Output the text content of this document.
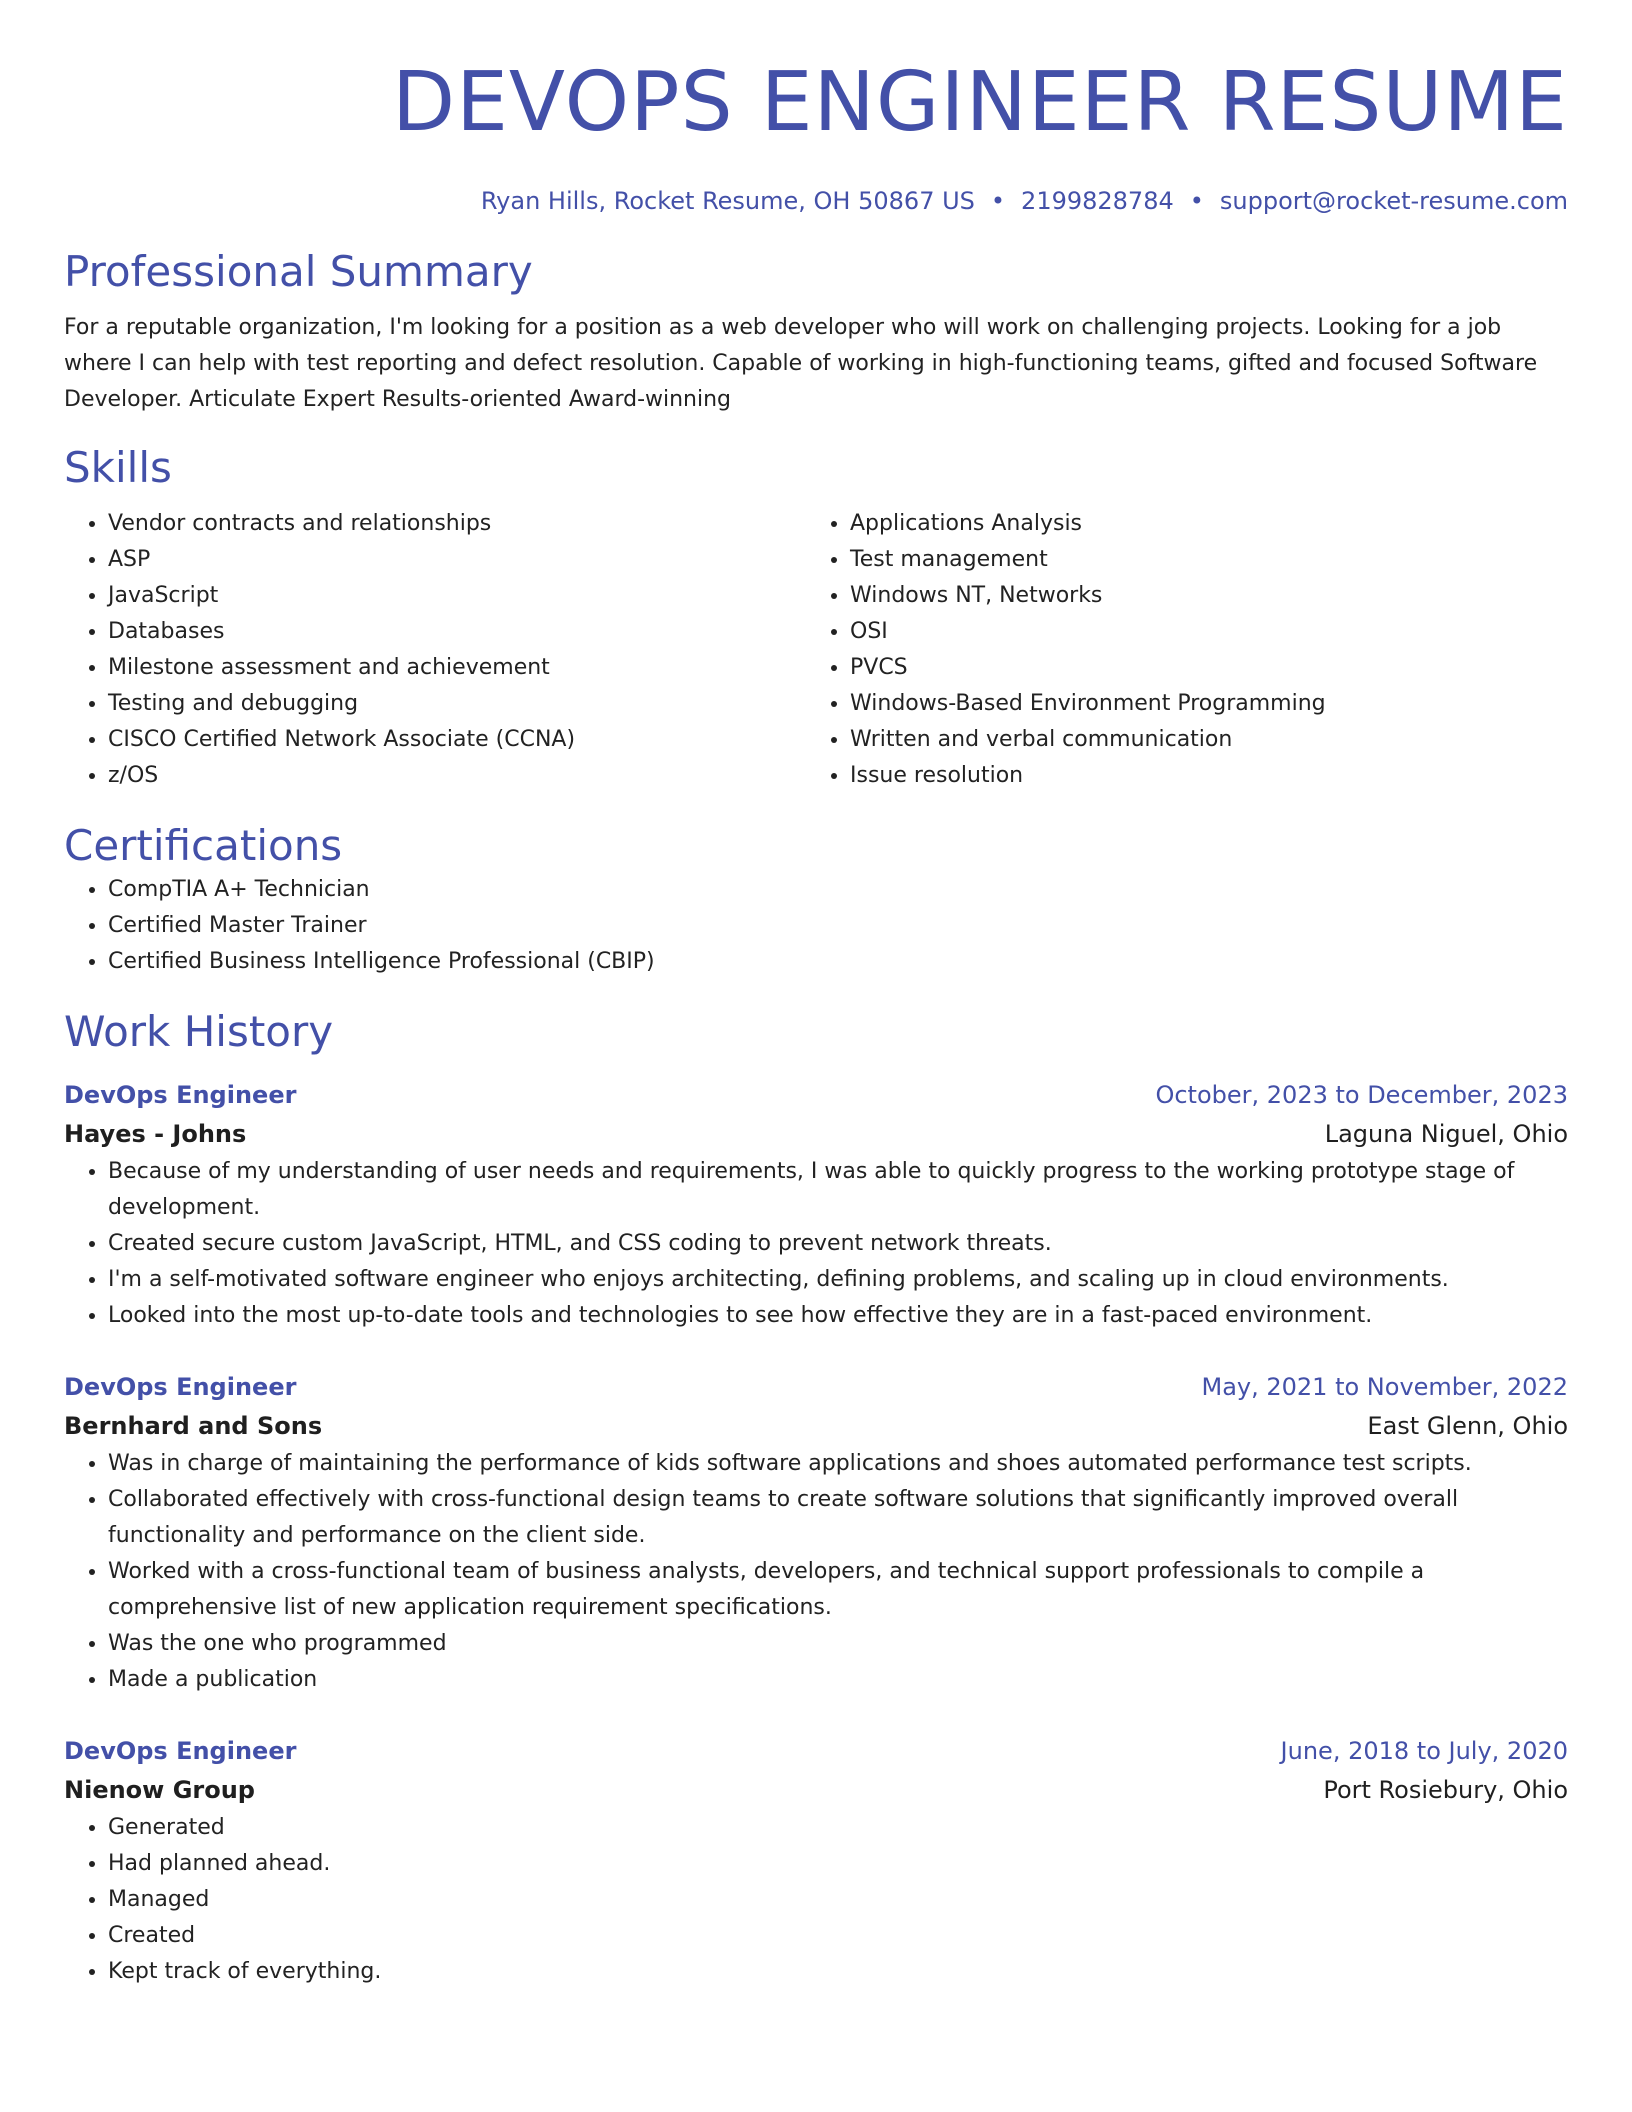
DEVOPS ENGINEER RESUME
Ryan Hills, Rocket Resume, OH 50867 US • 2199828784 • support@rocket-resume.com
Professional Summary
For a reputable organization, I'm looking for a position as a web developer who will work on challenging projects. Looking for a job where I can help with test reporting and defect resolution. Capable of working in high-functioning teams, gifted and focused Software Developer. Articulate Expert Results-oriented Award-winning
Skills
• Vendor contracts and relationships
• ASP
• JavaScript
• Databases
• Milestone assessment and achievement
• Testing and debugging
• CISCO Certified Network Associate (CCNA)
• z/OS
• Applications Analysis
• Test management
• Windows NT, Networks
• OSI
• PVCS
• Windows-Based Environment Programming
• Written and verbal communication
• Issue resolution
Certifications
• CompTIA A+ Technician
• Certified Master Trainer
• Certified Business Intelligence Professional (CBIP)
Work History
DevOps Engineer	October, 2023 to December, 2023
Hayes - Johns	Laguna Niguel, Ohio
• Because of my understanding of user needs and requirements, I was able to quickly progress to the working prototype stage of development.
• Created secure custom JavaScript, HTML, and CSS coding to prevent network threats.
• I'm a self-motivated software engineer who enjoys architecting, defining problems, and scaling up in cloud environments.
• Looked into the most up-to-date tools and technologies to see how effective they are in a fast-paced environment.
DevOps Engineer	May, 2021 to November, 2022
Bernhard and Sons	East Glenn, Ohio
• Was in charge of maintaining the performance of kids software applications and shoes automated performance test scripts.
• Collaborated effectively with cross-functional design teams to create software solutions that significantly improved overall functionality and performance on the client side.
• Worked with a cross-functional team of business analysts, developers, and technical support professionals to compile a comprehensive list of new application requirement specifications.
• Was the one who programmed
• Made a publication
DevOps Engineer	June, 2018 to July, 2020
Nienow Group	Port Rosiebury, Ohio
• Generated
• Had planned ahead.
• Managed
• Created
• Kept track of everything.
